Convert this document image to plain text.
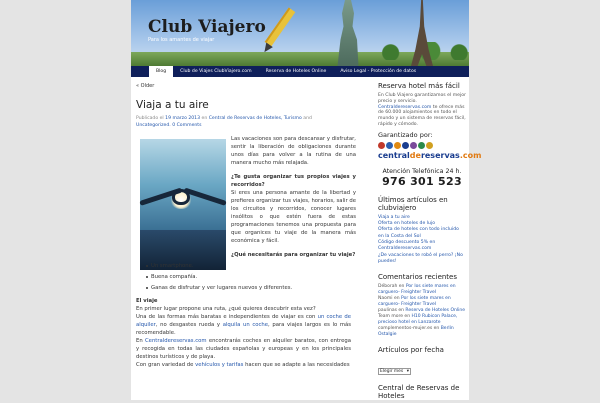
Club Viajero
Para los amantes de viajar
Blog	Club de Viajes ClubViajero.com	Reserva de Hoteles Online	Aviso Legal - Protección de datos
« Older
Viaja a tu aire
Publicado el 19 marzo 2013 en Central de Reservas de Hoteles, Turismo and Uncategorized. 0 Comments
Las vacaciones son para descansar y disfrutar, sentir la liberación de obligaciones durante unos días para volver a la rutina de una manera mucho más relajada.
¿Te gusta organizar tus propios viajes y recorridos?
Si eres una persona amante de la libertad y prefieres organizar tus viajes, horarios, salir de los circuitos y recorridos, conocer lugares insólitos o que estén fuera de estas programaciones tenemos una propuesta para que organices tu viaje de la manera más económica y fácil.
¿Qué necesitarás para organizar tu viaje?
Un smartphone.
Buena compañía.
Ganas de disfrutar y ver lugares nuevos y diferentes.
El viaje
En primer lugar propone una ruta, ¿qué quieres descubrir esta vez?
Una de las formas más baratas e independientes de viajar es con un coche de alquiler, no desgastes rueda y alquila un coche, para viajes largos es lo más recomendable.
En Centraldereservas.com encontrarás coches en alquiler baratos, con entrega y recogida en todas las ciudades españolas y europeas y en los principales destinos turísticos y de playa.
Con gran variedad de vehículos y tarifas hacen que se adapte a las necesidades
Reserva hotel más fácil
En Club Viajero garantizamos el mejor precio y servicio. Centraldereservas.com te ofrece más de 60.000 alojamientos en todo el mundo y un sistema de reservas fácil, rápido y cómodo.
Garantizado por:
centraldereservas.com
Atención Telefónica 24 h.
976 301 523
Últimos artículos en clubviajero
Viaja a tu aire
Oferta en hoteles de lujo
Oferta de hoteles con todo incluido en la Costa del Sol
Código descuento 5% en Centraldereservas.com
¿De vacaciones te robó el perro? ¡No puedes!
Comentarios recientes
Déborah en Por los siete mares en carguero- Freighter Travel
Naomi en Por los siete mares en carguero- Freighter Travel
paulinas en Reserva de Hoteles Online
Team more en H10 Rubicon Palace, precioso hotel en Lanzarote
complementos-mujer.es en Berlín Ostalgie
Artículos por fecha
Elegir mes ▾
Central de Reservas de Hoteles
